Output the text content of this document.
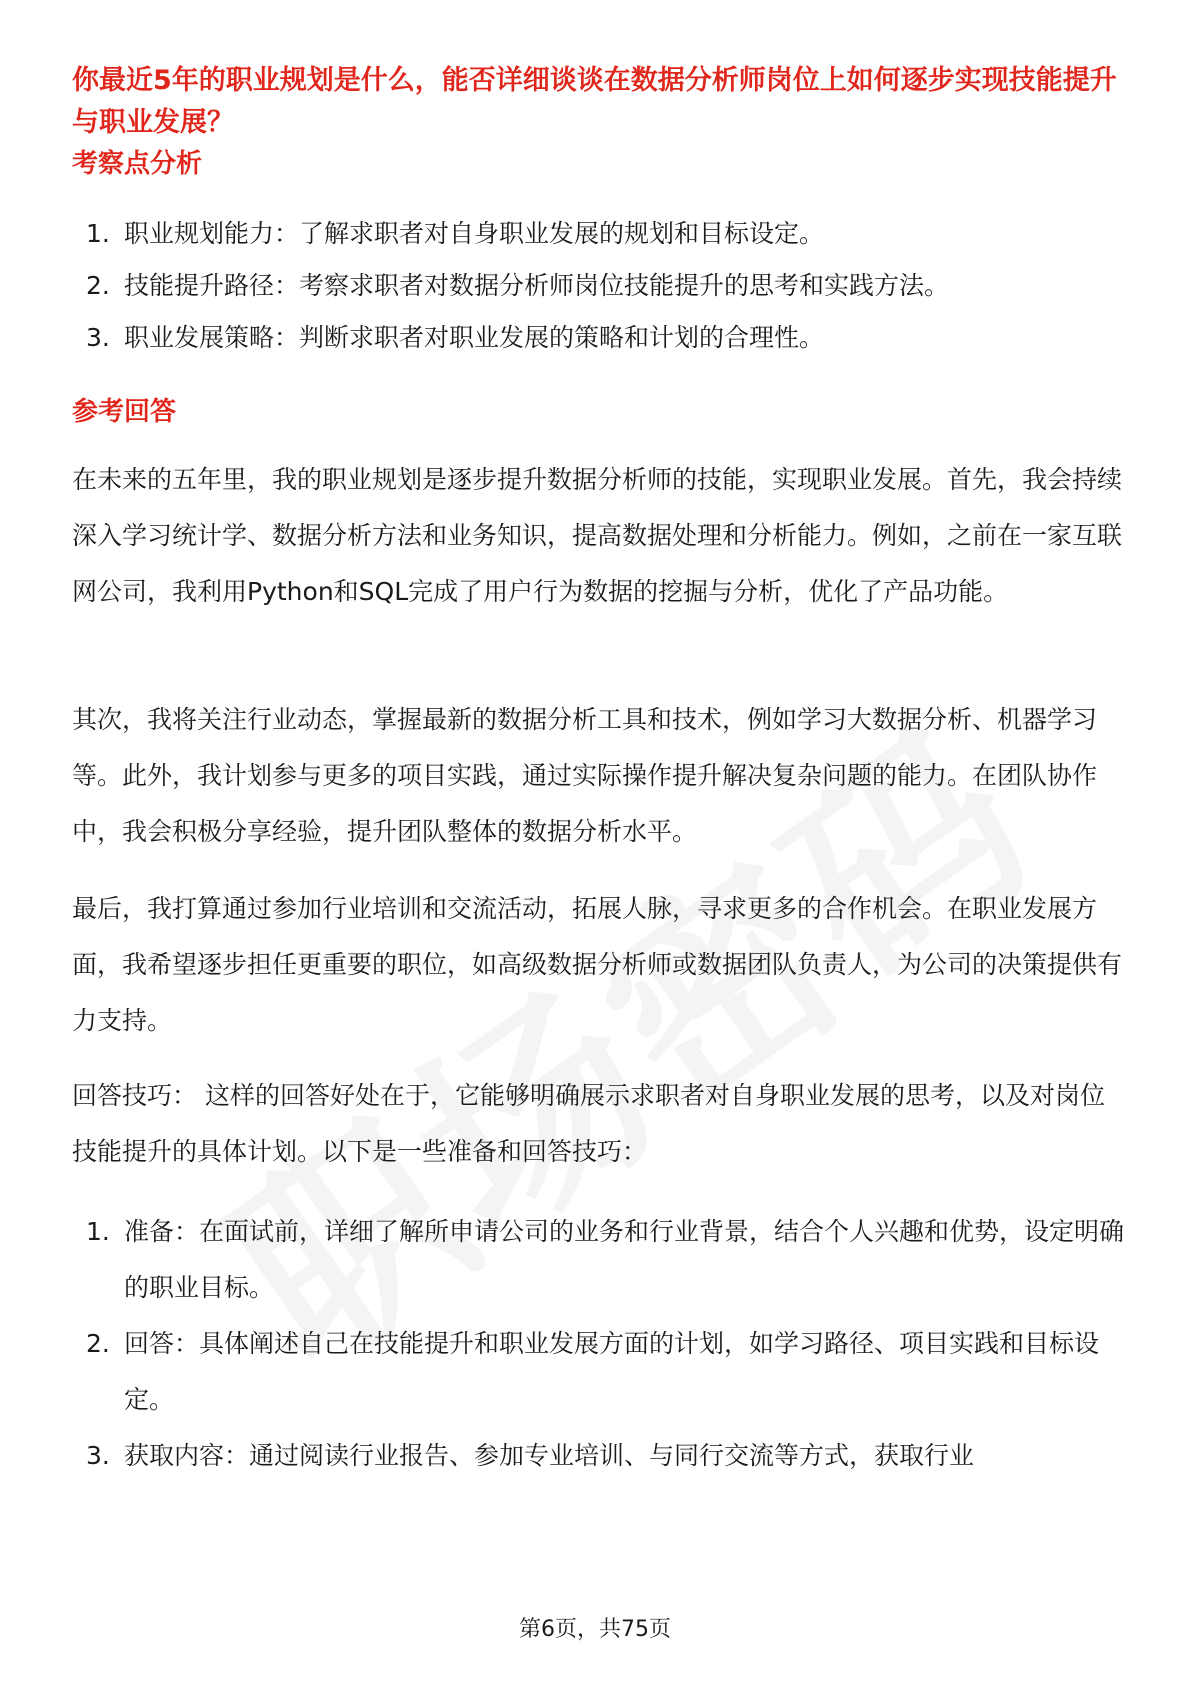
你最近5年的职业规划是什么，能否详细谈谈在数据分析师岗位上如何逐步实现技能提升与职业发展？
考察点分析
1. 职业规划能力：了解求职者对自身职业发展的规划和目标设定。
2. 技能提升路径：考察求职者对数据分析师岗位技能提升的思考和实践方法。
3. 职业发展策略：判断求职者对职业发展的策略和计划的合理性。
参考回答

在未来的五年里，我的职业规划是逐步提升数据分析师的技能，实现职业发展。首先，我会持续深入学习统计学、数据分析方法和业务知识，提高数据处理和分析能力。例如，之前在一家互联网公司，我利用Python和SQL完成了用户行为数据的挖掘与分析，优化了产品功能。

其次，我将关注行业动态，掌握最新的数据分析工具和技术，例如学习大数据分析、机器学习等。此外，我计划参与更多的项目实践，通过实际操作提升解决复杂问题的能力。在团队协作中，我会积极分享经验，提升团队整体的数据分析水平。

最后，我打算通过参加行业培训和交流活动，拓展人脉，寻求更多的合作机会。在职业发展方面，我希望逐步担任更重要的职位，如高级数据分析师或数据团队负责人，为公司的决策提供有力支持。

回答技巧： 这样的回答好处在于，它能够明确展示求职者对自身职业发展的思考，以及对岗位技能提升的具体计划。以下是一些准备和回答技巧：

1. 准备：在面试前，详细了解所申请公司的业务和行业背景，结合个人兴趣和优势，设定明确的职业目标。
2. 回答：具体阐述自己在技能提升和职业发展方面的计划，如学习路径、项目实践和目标设定。
3. 获取内容：通过阅读行业报告、参加专业培训、与同行交流等方式，获取行业
第6页，共75页
